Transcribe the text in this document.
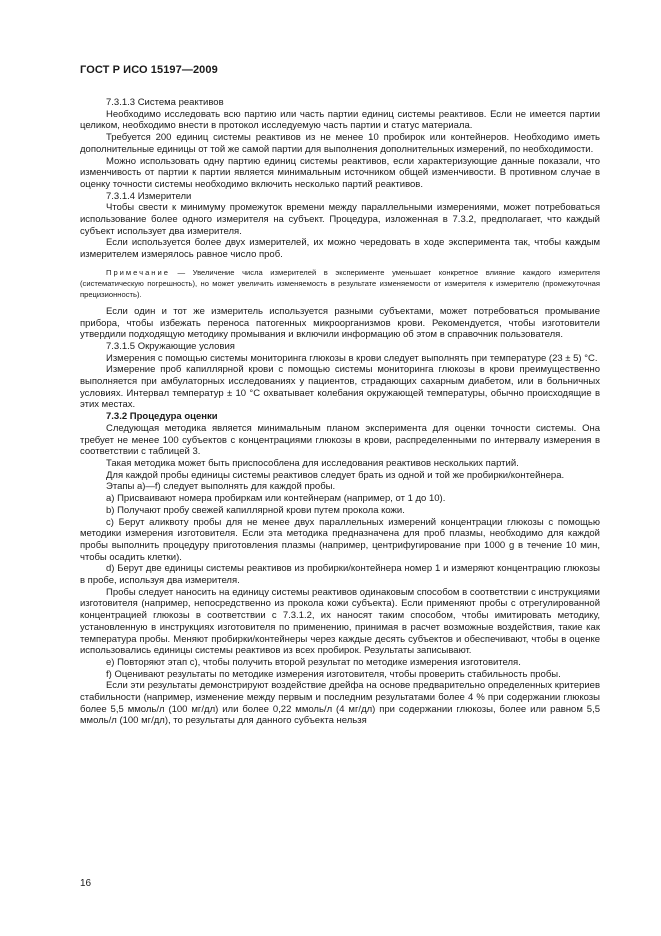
ГОСТ Р ИСО 15197—2009

7.3.1.3 Система реактивов

Необходимо исследовать всю партию или часть партии единиц системы реактивов. Если не имеется партии целиком, необходимо внести в протокол исследуемую часть партии и статус материала.

Требуется 200 единиц системы реактивов из не менее 10 пробирок или контейнеров. Необходимо иметь дополнительные единицы от той же самой партии для выполнения дополнительных измерений, по необходимости.

Можно использовать одну партию единиц системы реактивов, если характеризующие данные показали, что изменчивость от партии к партии является минимальным источником общей изменчивости. В противном случае в оценку точности системы необходимо включить несколько партий реактивов.

7.3.1.4 Измерители

Чтобы свести к минимуму промежуток времени между параллельными измерениями, может потребоваться использование более одного измерителя на субъект. Процедура, изложенная в 7.3.2, предполагает, что каждый субъект использует два измерителя.

Если используется более двух измерителей, их можно чередовать в ходе эксперимента так, чтобы каждым измерителем измерялось равное число проб.

Примечание — Увеличение числа измерителей в эксперименте уменьшает конкретное влияние каждого измерителя (систематическую погрешность), но может увеличить изменяемость в результате изменяемости от измерителя к измерителю (промежуточная прецизионность).

Если один и тот же измеритель используется разными субъектами, может потребоваться промывание прибора, чтобы избежать переноса патогенных микроорганизмов крови. Рекомендуется, чтобы изготовители утвердили подходящую методику промывания и включили информацию об этом в справочник пользователя.

7.3.1.5 Окружающие условия

Измерения с помощью системы мониторинга глюкозы в крови следует выполнять при температуре (23 ± 5) °С.

Измерение проб капиллярной крови с помощью системы мониторинга глюкозы в крови преимущественно выполняется при амбулаторных исследованиях у пациентов, страдающих сахарным диабетом, или в больничных условиях. Интервал температур ± 10 °С охватывает колебания окружающей температуры, обычно происходящие в этих местах.

7.3.2 Процедура оценки

Следующая методика является минимальным планом эксперимента для оценки точности системы. Она требует не менее 100 субъектов с концентрациями глюкозы в крови, распределенными по интервалу измерения в соответствии с таблицей 3.

Такая методика может быть приспособлена для исследования реактивов нескольких партий.

Для каждой пробы единицы системы реактивов следует брать из одной и той же пробирки/контейнера.

Этапы а)—f) следует выполнять для каждой пробы.

а) Присваивают номера пробиркам или контейнерам (например, от 1 до 10).

b) Получают пробу свежей капиллярной крови путем прокола кожи.

с) Берут аликвоту пробы для не менее двух параллельных измерений концентрации глюкозы с помощью методики измерения изготовителя. Если эта методика предназначена для проб плазмы, необходимо для каждой пробы выполнить процедуру приготовления плазмы (например, центрифугирование при 1000 g в течение 10 мин, чтобы осадить клетки).

d) Берут две единицы системы реактивов из пробирки/контейнера номер 1 и измеряют концентрацию глюкозы в пробе, используя два измерителя.

Пробы следует наносить на единицу системы реактивов одинаковым способом в соответствии с инструкциями изготовителя (например, непосредственно из прокола кожи субъекта). Если применяют пробы с отрегулированной концентрацией глюкозы в соответствии с 7.3.1.2, их наносят таким способом, чтобы имитировать методику, установленную в инструкциях изготовителя по применению, принимая в расчет возможные воздействия, такие как температура пробы. Меняют пробирки/контейнеры через каждые десять субъектов и обеспечивают, чтобы в оценке использовались единицы системы реактивов из всех пробирок. Результаты записывают.

е) Повторяют этап с), чтобы получить второй результат по методике измерения изготовителя.

f) Оценивают результаты по методике измерения изготовителя, чтобы проверить стабильность пробы.

Если эти результаты демонстрируют воздействие дрейфа на основе предварительно определенных критериев стабильности (например, изменение между первым и последним результатами более 4 % при содержании глюкозы более 5,5 ммоль/л (100 мг/дл) или более 0,22 ммоль/л (4 мг/дл) при содержании глюкозы, более или равном 5,5 ммоль/л (100 мг/дл), то результаты для данного субъекта нельзя

16
